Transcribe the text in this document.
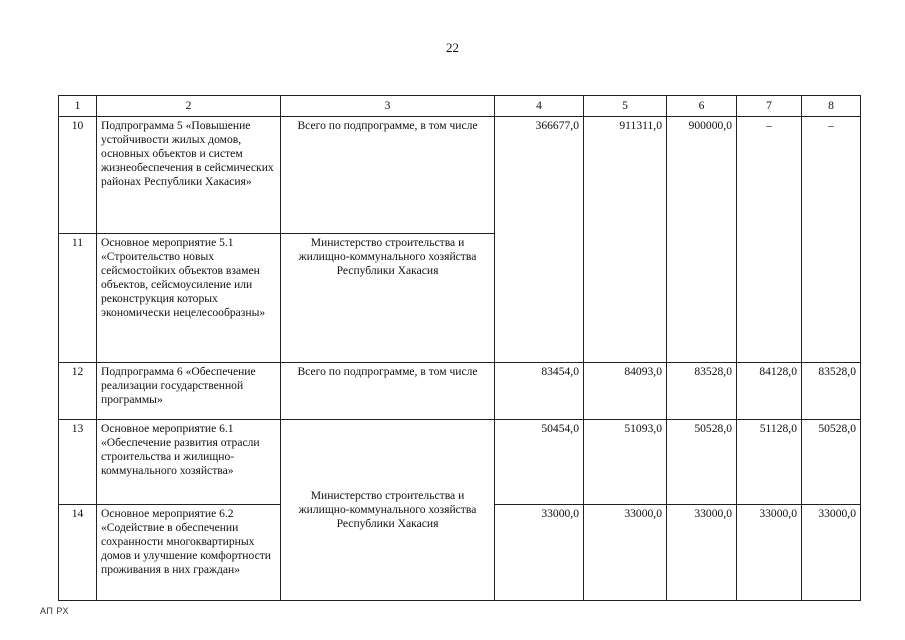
22
1	2	3	4	5	6	7	8
10	Подпрограмма 5 «Повышение устойчивости жилых домов, основных объектов и систем жизнеобеспечения в сейсмических районах Республики Хакасия»	Всего по подпрограмме, в том числе	366677,0	911311,0	900000,0	–	–
11	Основное мероприятие 5.1 «Строительство новых сейсмостойких объектов взамен объектов, сейсмоусиление или реконструкция которых экономически нецелесообразны»	Министерство строительства и жилищно-коммунального хозяйства Республики Хакасия					
12	Подпрограмма 6 «Обеспечение реализации государственной программы»	Всего по подпрограмме, в том числе	83454,0	84093,0	83528,0	84128,0	83528,0
13	Основное мероприятие 6.1 «Обеспечение развития отрасли строительства и жилищно-коммунального хозяйства»	Министерство строительства и жилищно-коммунального хозяйства Республики Хакасия	50454,0	51093,0	50528,0	51128,0	50528,0
14	Основное мероприятие 6.2 «Содействие в обеспечении сохранности многоквартирных домов и улучшение комфортности проживания в них граждан»		33000,0	33000,0	33000,0	33000,0	33000,0
АП РХ
